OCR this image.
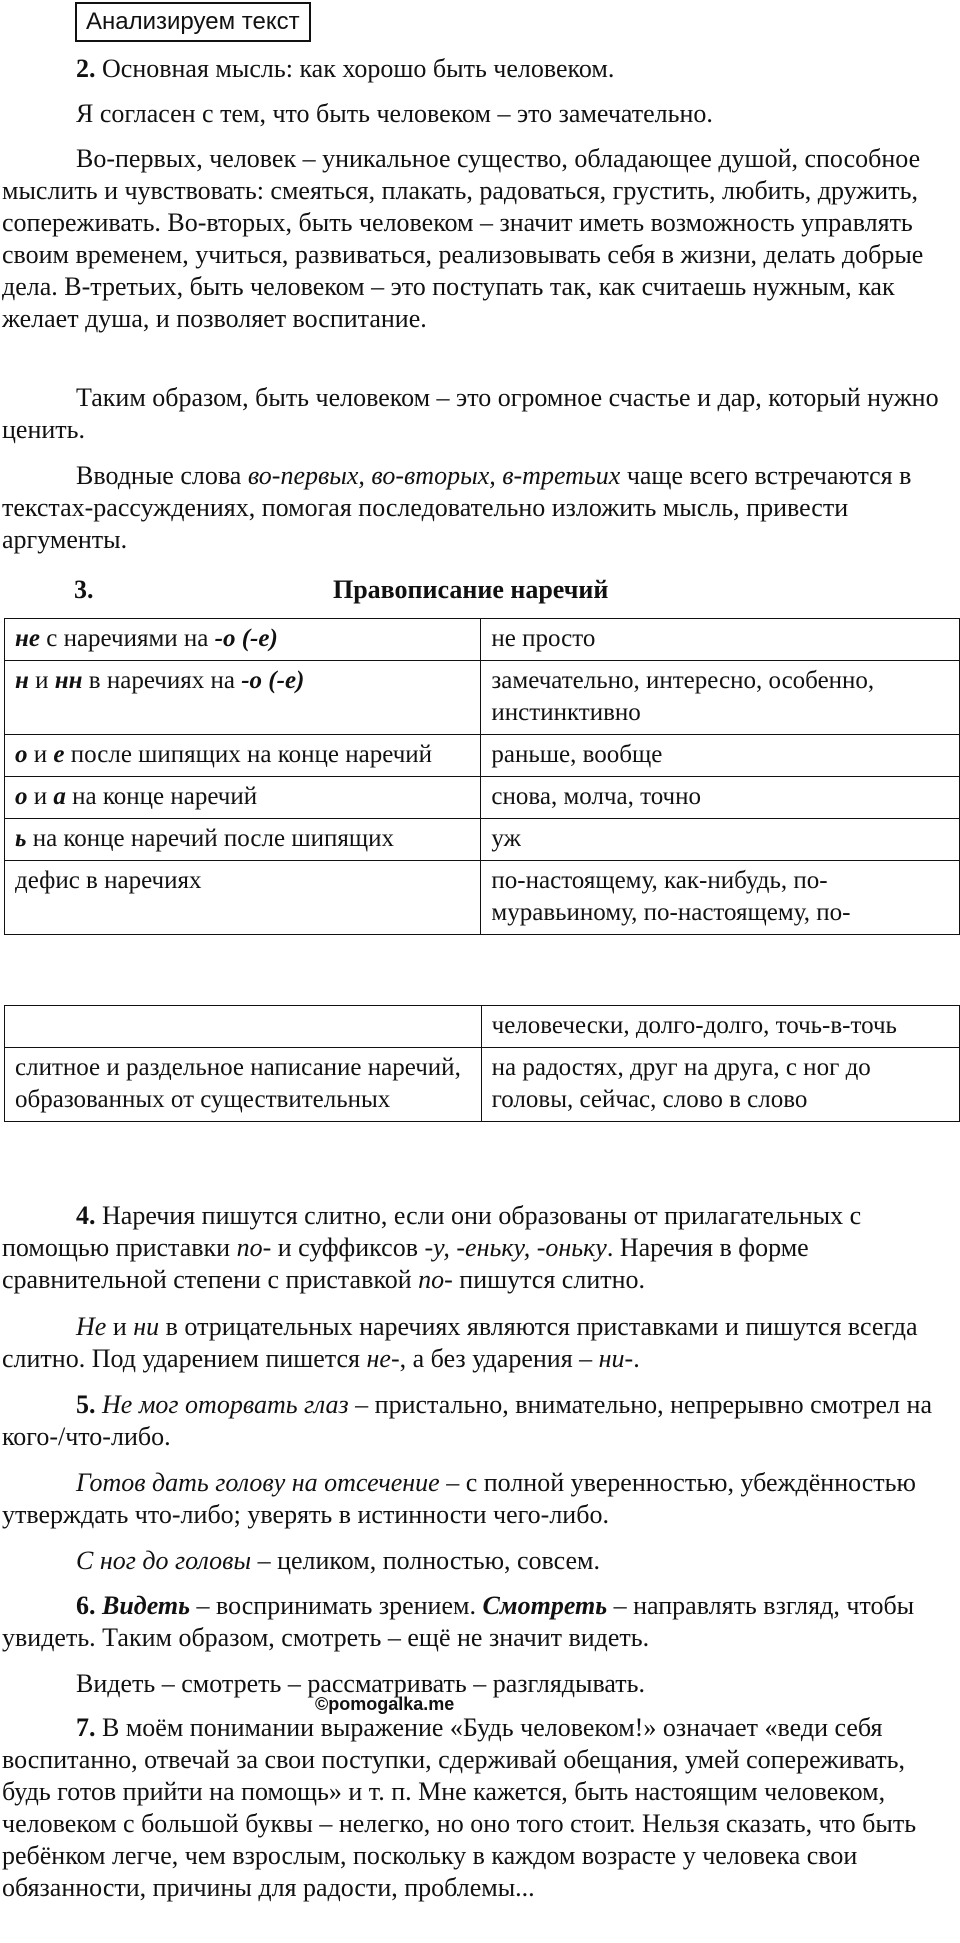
Анализируем текст

2. Основная мысль: как хорошо быть человеком.

Я согласен с тем, что быть человеком – это замечательно.

Во-первых, человек – уникальное существо, обладающее душой, способное мыслить и чувствовать: смеяться, плакать, радоваться, грустить, любить, дружить, сопереживать. Во-вторых, быть человеком – значит иметь возможность управлять своим временем, учиться, развиваться, реализовывать себя в жизни, делать добрые дела. В-третьих, быть человеком – это поступать так, как считаешь нужным, как желает душа, и позволяет воспитание.

Таким образом, быть человеком – это огромное счастье и дар, который нужно ценить.

Вводные слова во-первых, во-вторых, в-третьих чаще всего встречаются в текстах-рассуждениях, помогая последовательно изложить мысль, привести аргументы.

3.	Правописание наречий
не с наречиями на -о (-е)	не просто
н и нн в наречиях на -о (-е)	замечательно, интересно, особенно, инстинктивно
о и е после шипящих на конце наречий	раньше, вообще
о и а на конце наречий	снова, молча, точно
ь на конце наречий после шипящих	уж
дефис в наречиях	по-настоящему, как-нибудь, по-муравьиному, по-настоящему, по-
	человечески, долго-долго, точь-в-точь
слитное и раздельное написание наречий, образованных от существительных	на радостях, друг на друга, с ног до головы, сейчас, слово в слово

4. Наречия пишутся слитно, если они образованы от прилагательных с помощью приставки по- и суффиксов -у, -еньку, -оньку. Наречия в форме сравнительной степени с приставкой по- пишутся слитно.

Не и ни в отрицательных наречиях являются приставками и пишутся всегда слитно. Под ударением пишется не-, а без ударения – ни-.

5. Не мог оторвать глаз – пристально, внимательно, непрерывно смотрел на кого-/что-либо.

Готов дать голову на отсечение – с полной уверенностью, убеждённостью утверждать что-либо; уверять в истинности чего-либо.

С ног до головы – целиком, полностью, совсем.

6. Видеть – воспринимать зрением. Смотреть – направлять взгляд, чтобы увидеть. Таким образом, смотреть – ещё не значит видеть.

Видеть – смотреть – рассматривать – разглядывать.

©pomogalka.me

7. В моём понимании выражение «Будь человеком!» означает «веди себя воспитанно, отвечай за свои поступки, сдерживай обещания, умей сопереживать, будь готов прийти на помощь» и т. п. Мне кажется, быть настоящим человеком, человеком с большой буквы – нелегко, но оно того стоит. Нельзя сказать, что быть ребёнком легче, чем взрослым, поскольку в каждом возрасте у человека свои обязанности, причины для радости, проблемы...
